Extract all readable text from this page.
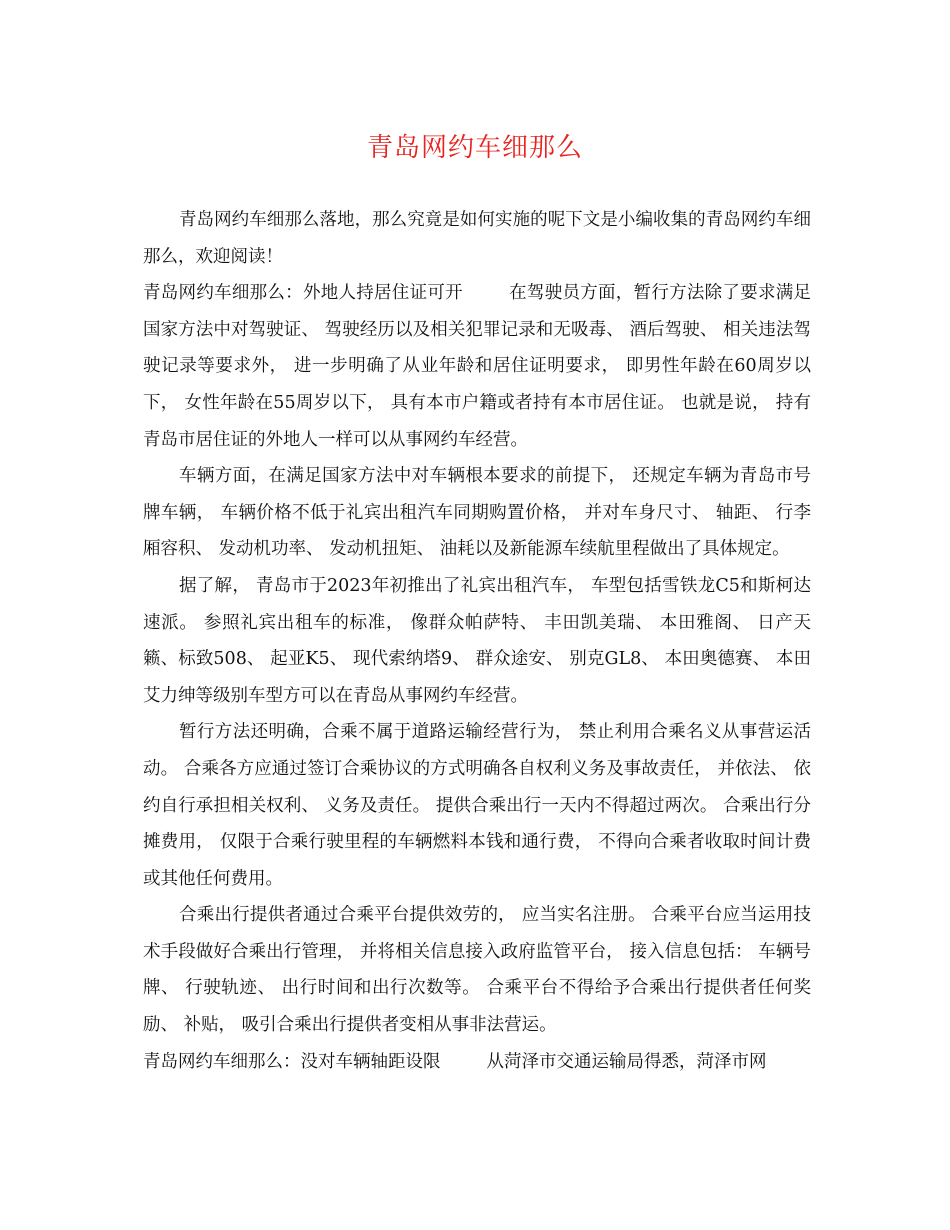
青岛网约车细那么

青岛网约车细那么落地，那么究竟是如何实施的呢下文是小编收集的青岛网约车细那么，欢迎阅读！

青岛网约车细那么：外地人持居住证可开	在驾驶员方面，暂行方法除了要求满足国家方法中对驾驶证、 驾驶经历以及相关犯罪记录和无吸毒、 酒后驾驶、 相关违法驾驶记录等要求外， 进一步明确了从业年龄和居住证明要求， 即男性年龄在60周岁以下， 女性年龄在55周岁以下， 具有本市户籍或者持有本市居住证。 也就是说， 持有青岛市居住证的外地人一样可以从事网约车经营。

车辆方面，在满足国家方法中对车辆根本要求的前提下， 还规定车辆为青岛市号牌车辆， 车辆价格不低于礼宾出租汽车同期购置价格， 并对车身尺寸、 轴距、 行李厢容积、 发动机功率、 发动机扭矩、 油耗以及新能源车续航里程做出了具体规定。

据了解， 青岛市于2023年初推出了礼宾出租汽车， 车型包括雪铁龙C5和斯柯达速派。 参照礼宾出租车的标准， 像群众帕萨特、 丰田凯美瑞、 本田雅阁、 日产天籁、标致508、 起亚K5、 现代索纳塔9、 群众途安、 别克GL8、 本田奥德赛、 本田艾力绅等级别车型方可以在青岛从事网约车经营。

暂行方法还明确，合乘不属于道路运输经营行为， 禁止利用合乘名义从事营运活动。 合乘各方应通过签订合乘协议的方式明确各自权利义务及事故责任， 并依法、 依约自行承担相关权利、 义务及责任。 提供合乘出行一天内不得超过两次。 合乘出行分摊费用， 仅限于合乘行驶里程的车辆燃料本钱和通行费， 不得向合乘者收取时间计费或其他任何费用。

合乘出行提供者通过合乘平台提供效劳的， 应当实名注册。 合乘平台应当运用技术手段做好合乘出行管理， 并将相关信息接入政府监管平台， 接入信息包括： 车辆号牌、 行驶轨迹、 出行时间和出行次数等。 合乘平台不得给予合乘出行提供者任何奖励、 补贴， 吸引合乘出行提供者变相从事非法营运。

青岛网约车细那么：没对车辆轴距设限	从菏泽市交通运输局得悉，菏泽市网
